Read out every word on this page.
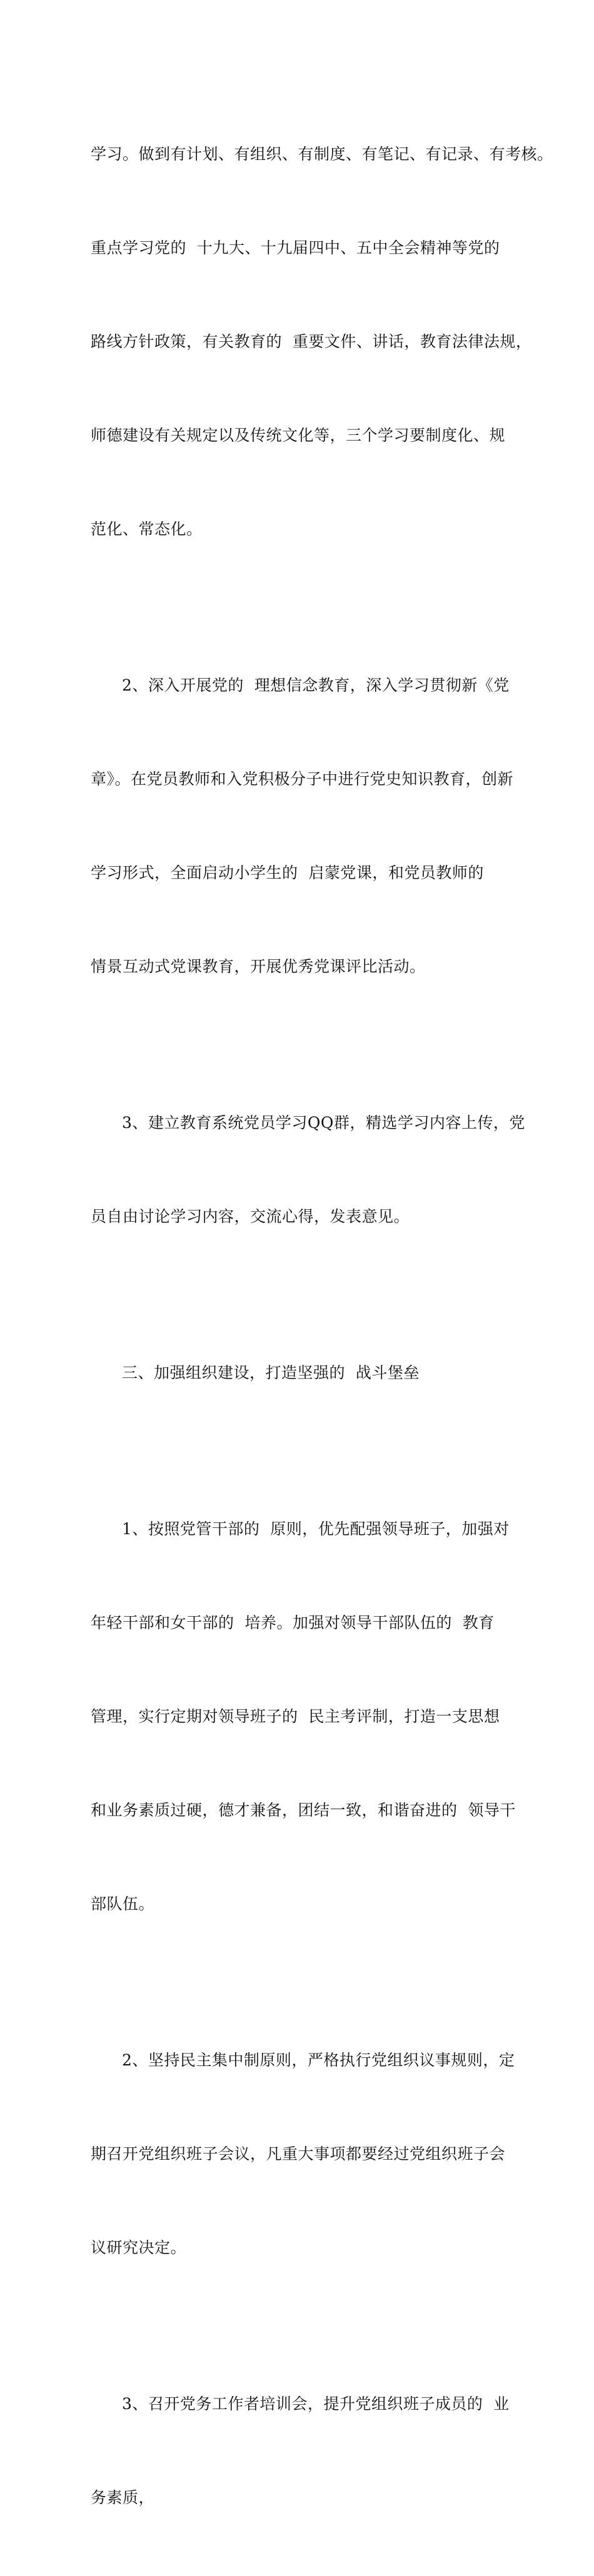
学习。做到有计划、有组织、有制度、有笔记、有记录、有考核。

重点学习党的  十九大、十九届四中、五中全会精神等党的

路线方针政策，有关教育的  重要文件、讲话，教育法律法规，

师德建设有关规定以及传统文化等，三个学习要制度化、规

范化、常态化。

2、深入开展党的  理想信念教育，深入学习贯彻新《党

章》。在党员教师和入党积极分子中进行党史知识教育，创新

学习形式，全面启动小学生的  启蒙党课，和党员教师的

情景互动式党课教育，开展优秀党课评比活动。

3、建立教育系统党员学习QQ群，精选学习内容上传，党

员自由讨论学习内容，交流心得，发表意见。

三、加强组织建设，打造坚强的  战斗堡垒

1、按照党管干部的  原则，优先配强领导班子，加强对

年轻干部和女干部的  培养。加强对领导干部队伍的  教育

管理，实行定期对领导班子的  民主考评制，打造一支思想

和业务素质过硬，德才兼备，团结一致，和谐奋进的  领导干

部队伍。

2、坚持民主集中制原则，严格执行党组织议事规则，定

期召开党组织班子会议，凡重大事项都要经过党组织班子会

议研究决定。

3、召开党务工作者培训会，提升党组织班子成员的  业

务素质，
